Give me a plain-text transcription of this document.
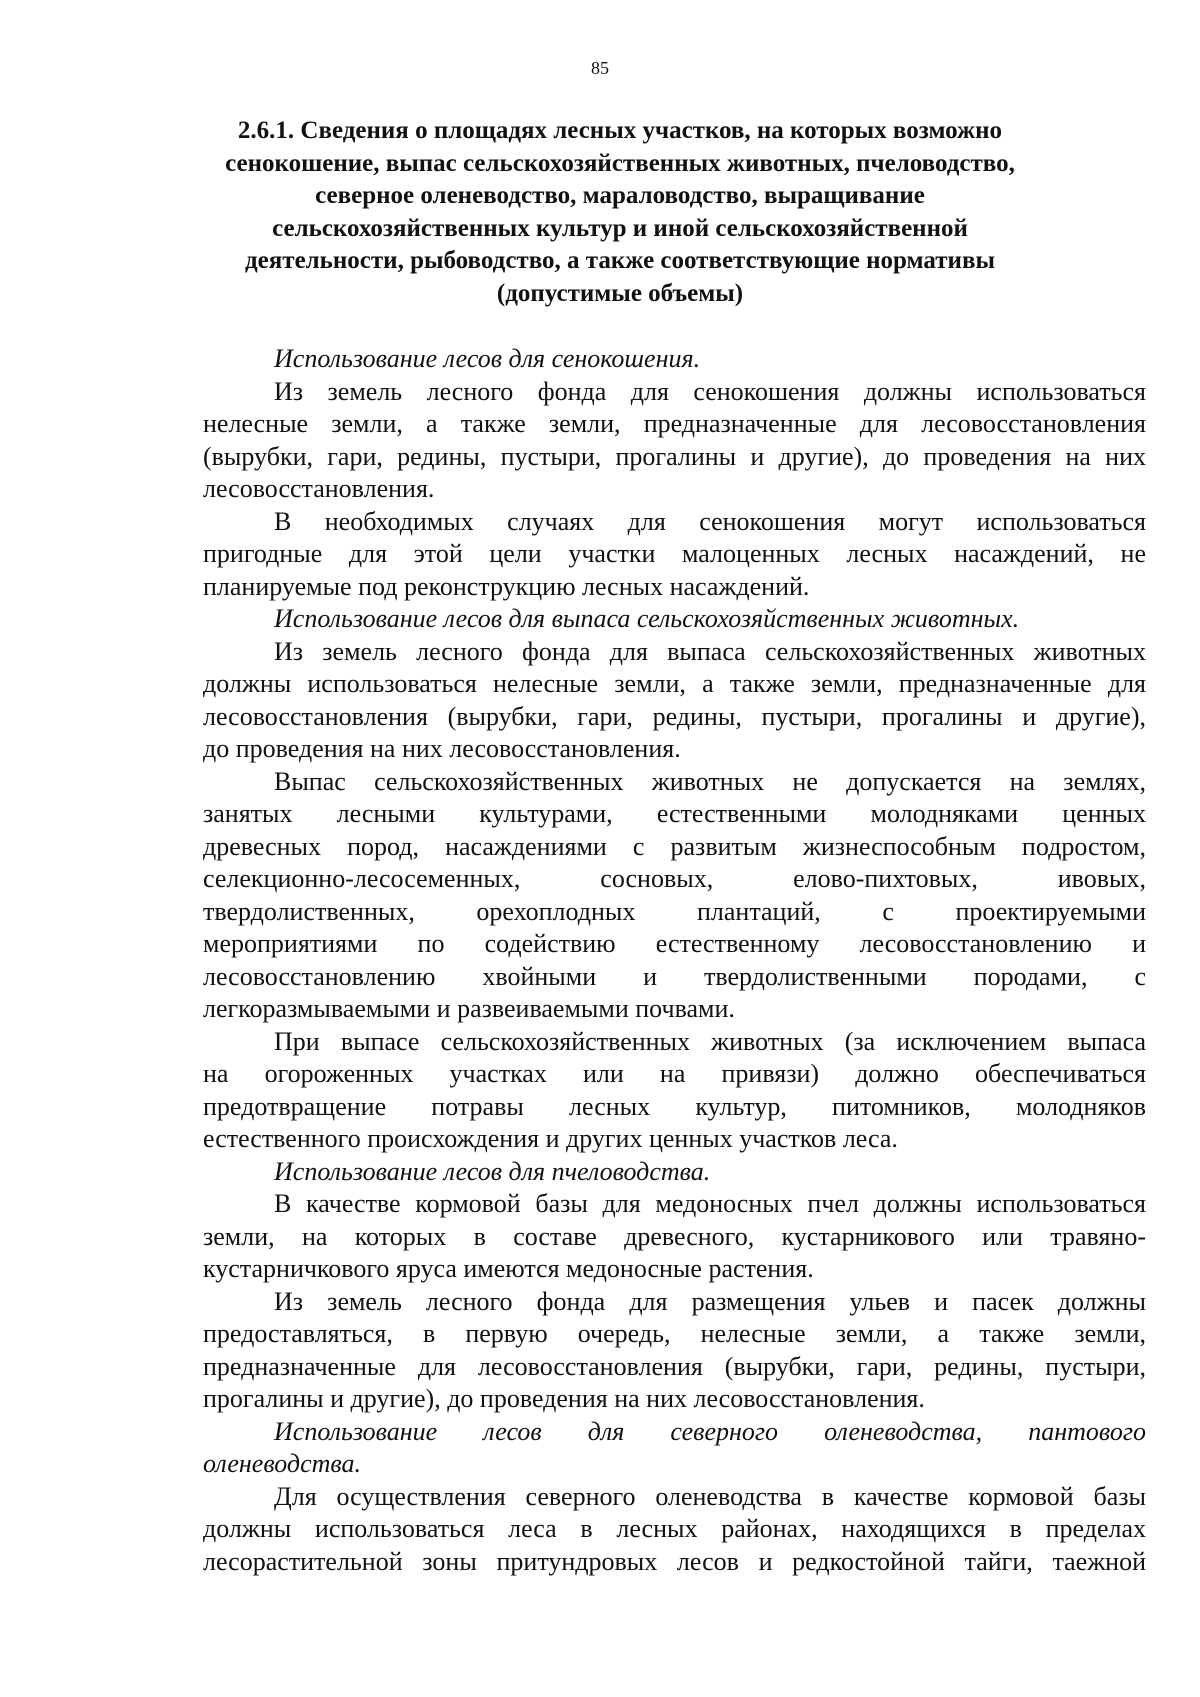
85
2.6.1. Сведения о площадях лесных участков, на которых возможно
сенокошение, выпас сельскохозяйственных животных, пчеловодство,
северное оленеводство, мараловодство, выращивание
сельскохозяйственных культур и иной сельскохозяйственной
деятельности, рыбоводство, а также соответствующие нормативы
(допустимые объемы)
Использование лесов для сенокошения.
Из земель лесного фонда для сенокошения должны использоваться
нелесные земли, а также земли, предназначенные для лесовосстановления
(вырубки, гари, редины, пустыри, прогалины и другие), до проведения на них
лесовосстановления.
В необходимых случаях для сенокошения могут использоваться
пригодные для этой цели участки малоценных лесных насаждений, не
планируемые под реконструкцию лесных насаждений.
Использование лесов для выпаса сельскохозяйственных животных.
Из земель лесного фонда для выпаса сельскохозяйственных животных
должны использоваться нелесные земли, а также земли, предназначенные для
лесовосстановления (вырубки, гари, редины, пустыри, прогалины и другие),
до проведения на них лесовосстановления.
Выпас сельскохозяйственных животных не допускается на землях,
занятых лесными культурами, естественными молодняками ценных
древесных пород, насаждениями с развитым жизнеспособным подростом,
селекционно-лесосеменных, сосновых, елово-пихтовых, ивовых,
твердолиственных, орехоплодных плантаций, с проектируемыми
мероприятиями по содействию естественному лесовосстановлению и
лесовосстановлению хвойными и твердолиственными породами, с
легкоразмываемыми и развеиваемыми почвами.
При выпасе сельскохозяйственных животных (за исключением выпаса
на огороженных участках или на привязи) должно обеспечиваться
предотвращение потравы лесных культур, питомников, молодняков
естественного происхождения и других ценных участков леса.
Использование лесов для пчеловодства.
В качестве кормовой базы для медоносных пчел должны использоваться
земли, на которых в составе древесного, кустарникового или травяно-
кустарничкового яруса имеются медоносные растения.
Из земель лесного фонда для размещения ульев и пасек должны
предоставляться, в первую очередь, нелесные земли, а также земли,
предназначенные для лесовосстановления (вырубки, гари, редины, пустыри,
прогалины и другие), до проведения на них лесовосстановления.
Использование лесов для северного оленеводства, пантового
оленеводства.
Для осуществления северного оленеводства в качестве кормовой базы
должны использоваться леса в лесных районах, находящихся в пределах
лесорастительной зоны притундровых лесов и редкостойной тайги, таежной
